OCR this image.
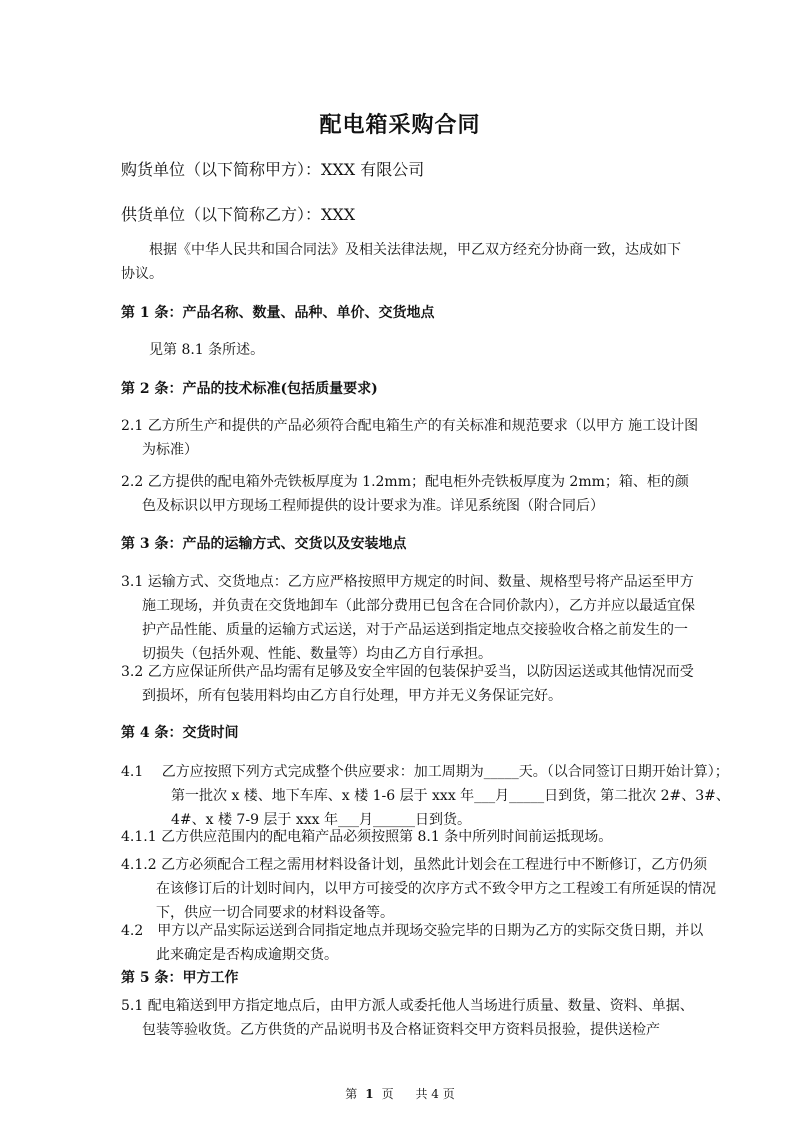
配电箱采购合同
购货单位（以下简称甲方）：XXX 有限公司
供货单位（以下简称乙方）：XXX
根据《中华人民共和国合同法》及相关法律法规，甲乙双方经充分协商一致，达成如下协议。
第 1 条：产品名称、数量、品种、单价、交货地点
见第 8.1 条所述。
第 2 条：产品的技术标准(包括质量要求)
2.1 乙方所生产和提供的产品必须符合配电箱生产的有关标准和规范要求（以甲方 施工设计图为标准）
2.2 乙方提供的配电箱外壳铁板厚度为 1.2mm；配电柜外壳铁板厚度为 2mm；箱、柜的颜色及标识以甲方现场工程师提供的设计要求为准。详见系统图（附合同后）
第 3 条：产品的运输方式、交货以及安装地点
3.1 运输方式、交货地点：乙方应严格按照甲方规定的时间、数量、规格型号将产品运至甲方施工现场，并负责在交货地卸车（此部分费用已包含在合同价款内），乙方并应以最适宜保护产品性能、质量的运输方式运送，对于产品运送到指定地点交接验收合格之前发生的一切损失（包括外观、性能、数量等）均由乙方自行承担。
3.2 乙方应保证所供产品均需有足够及安全牢固的包装保护妥当，以防因运送或其他情况而受到损坏，所有包装用料均由乙方自行处理，甲方并无义务保证完好。
第 4 条：交货时间
4.1　 乙方应按照下列方式完成整个供应要求：加工周期为_____天。（以合同签订日期开始计算）；第一批次 x 楼、地下车库、x 楼 1-6 层于 xxx 年___月_____日到货，第二批次 2#、3#、4#、x 楼 7-9 层于 xxx 年___月______日到货。
4.1.1 乙方供应范围内的配电箱产品必须按照第 8.1 条中所列时间前运抵现场。
4.1.2 乙方必须配合工程之需用材料设备计划，虽然此计划会在工程进行中不断修订，乙方仍须在该修订后的计划时间内，以甲方可接受的次序方式不致令甲方之工程竣工有所延误的情况下，供应一切合同要求的材料设备等。
4.2　甲方以产品实际运送到合同指定地点并现场交验完毕的日期为乙方的实际交货日期，并以此来确定是否构成逾期交货。
第 5 条：甲方工作
5.1 配电箱送到甲方指定地点后，由甲方派人或委托他人当场进行质量、数量、资料、单据、包装等验收货。乙方供货的产品说明书及合格证资料交甲方资料员报验，提供送检产
第 1 页 共 4 页
